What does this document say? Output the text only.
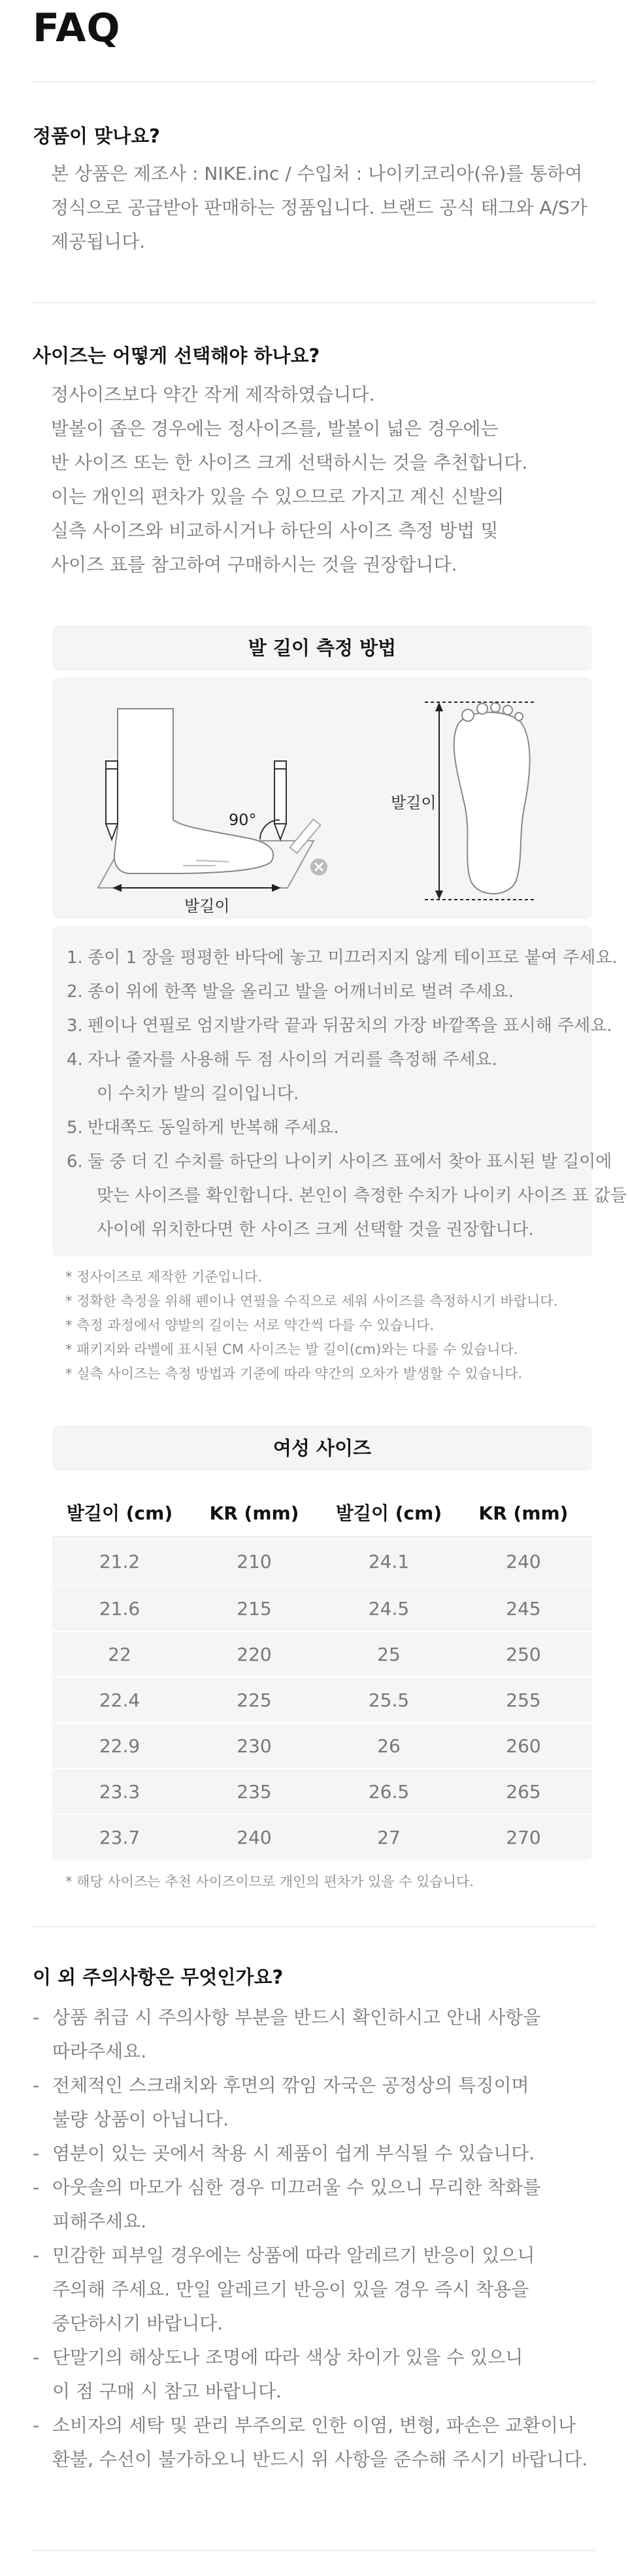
FAQ
정품이 맞나요?
본 상품은 제조사 : NIKE.inc / 수입처 : 나이키코리아(유)를 통하여
정식으로 공급받아 판매하는 정품입니다. 브랜드 공식 태그와 A/S가
제공됩니다.
사이즈는 어떻게 선택해야 하나요?
정사이즈보다 약간 작게 제작하였습니다.
발볼이 좁은 경우에는 정사이즈를, 발볼이 넓은 경우에는
반 사이즈 또는 한 사이즈 크게 선택하시는 것을 추천합니다.
이는 개인의 편차가 있을 수 있으므로 가지고 계신 신발의
실측 사이즈와 비교하시거나 하단의 사이즈 측정 방법 및
사이즈 표를 참고하여 구매하시는 것을 권장합니다.
발 길이 측정 방법
90°
발길이
발길이
1. 종이 1 장을 평평한 바닥에 놓고 미끄러지지 않게 테이프로 붙여 주세요.
2. 종이 위에 한쪽 발을 올리고 발을 어깨너비로 벌려 주세요.
3. 펜이나 연필로 엄지발가락 끝과 뒤꿈치의 가장 바깥쪽을 표시해 주세요.
4. 자나 줄자를 사용해 두 점 사이의 거리를 측정해 주세요.
이 수치가 발의 길이입니다.
5. 반대쪽도 동일하게 반복해 주세요.
6. 둘 중 더 긴 수치를 하단의 나이키 사이즈 표에서 찾아 표시된 발 길이에
맞는 사이즈를 확인합니다. 본인이 측정한 수치가 나이키 사이즈 표 값들
사이에 위치한다면 한 사이즈 크게 선택할 것을 권장합니다.
* 정사이즈로 제작한 기준입니다.
* 정확한 측정을 위해 펜이나 연필을 수직으로 세워 사이즈를 측정하시기 바랍니다.
* 측정 과정에서 양발의 길이는 서로 약간씩 다를 수 있습니다.
* 패키지와 라벨에 표시된 CM 사이즈는 발 길이(cm)와는 다를 수 있습니다.
* 실측 사이즈는 측정 방법과 기준에 따라 약간의 오차가 발생할 수 있습니다.
여성 사이즈
발길이 (cm)	KR (mm)	발길이 (cm)	KR (mm)
21.2	210	24.1	240
21.6	215	24.5	245
22	220	25	250
22.4	225	25.5	255
22.9	230	26	260
23.3	235	26.5	265
23.7	240	27	270
* 해당 사이즈는 추천 사이즈이므로 개인의 편차가 있을 수 있습니다.
이 외 주의사항은 무엇인가요?
- 상품 취급 시 주의사항 부분을 반드시 확인하시고 안내 사항을
따라주세요.
- 전체적인 스크래치와 후면의 깎임 자국은 공정상의 특징이며
불량 상품이 아닙니다.
- 염분이 있는 곳에서 착용 시 제품이 쉽게 부식될 수 있습니다.
- 아웃솔의 마모가 심한 경우 미끄러울 수 있으니 무리한 착화를
피해주세요.
- 민감한 피부일 경우에는 상품에 따라 알레르기 반응이 있으니
주의해 주세요. 만일 알레르기 반응이 있을 경우 즉시 착용을
중단하시기 바랍니다.
- 단말기의 해상도나 조명에 따라 색상 차이가 있을 수 있으니
이 점 구매 시 참고 바랍니다.
- 소비자의 세탁 및 관리 부주의로 인한 이염, 변형, 파손은 교환이나
환불, 수선이 불가하오니 반드시 위 사항을 준수해 주시기 바랍니다.
